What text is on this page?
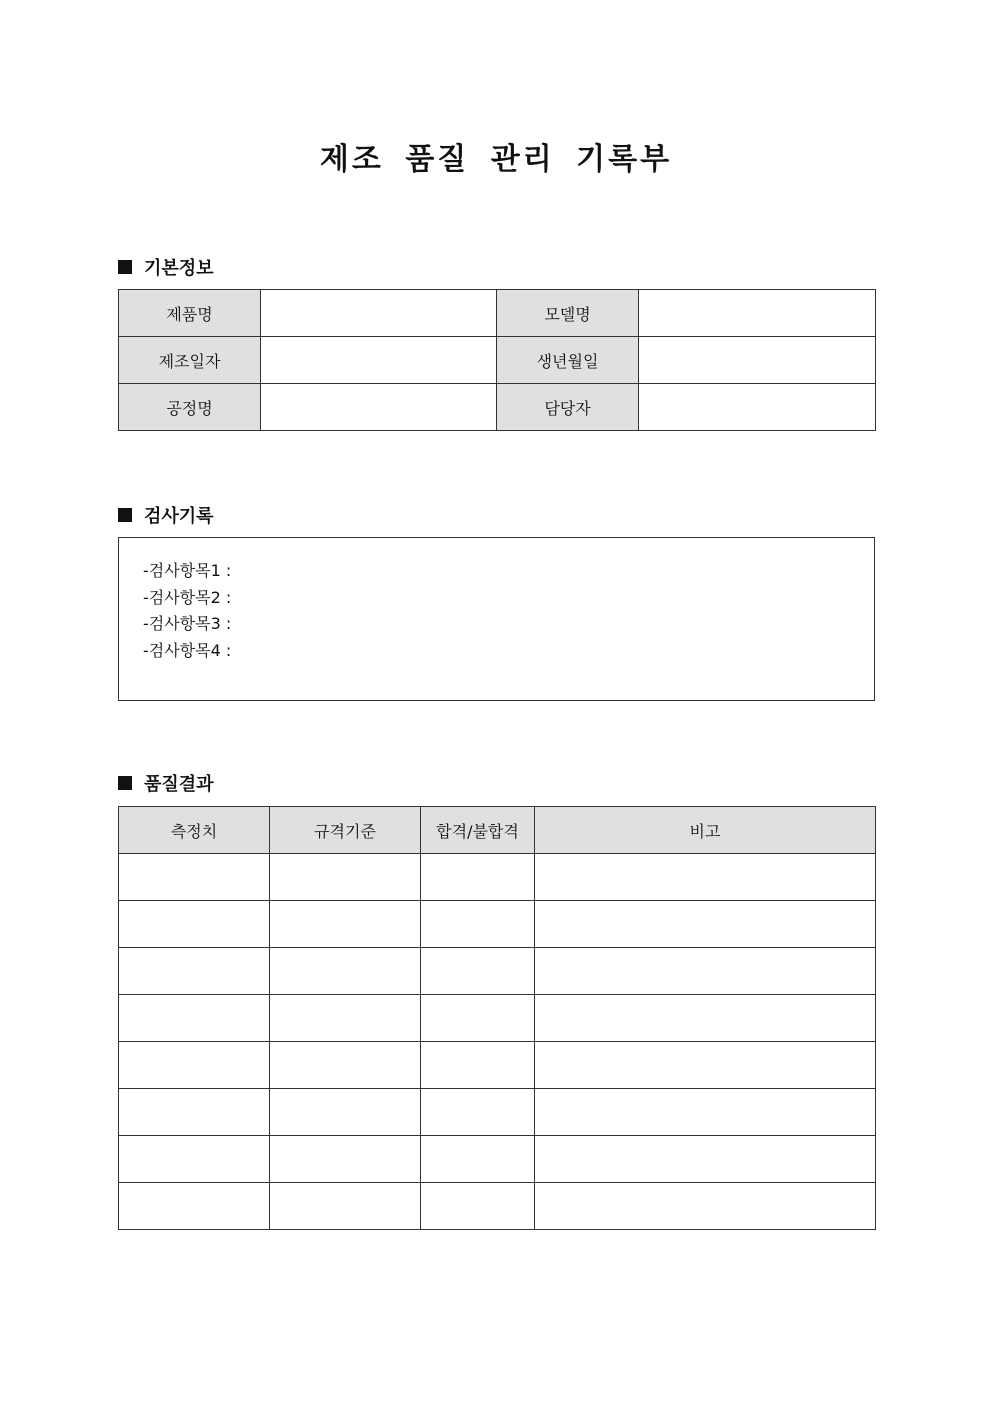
제조 품질 관리 기록부
기본정보
제품명		모델명	
제조일자		생년월일	
공정명		담당자	
검사기록
-검사항목1 :
-검사항목2 :
-검사항목3 :
-검사항목4 :
품질결과
측정치	규격기준	합격/불합격	비고
